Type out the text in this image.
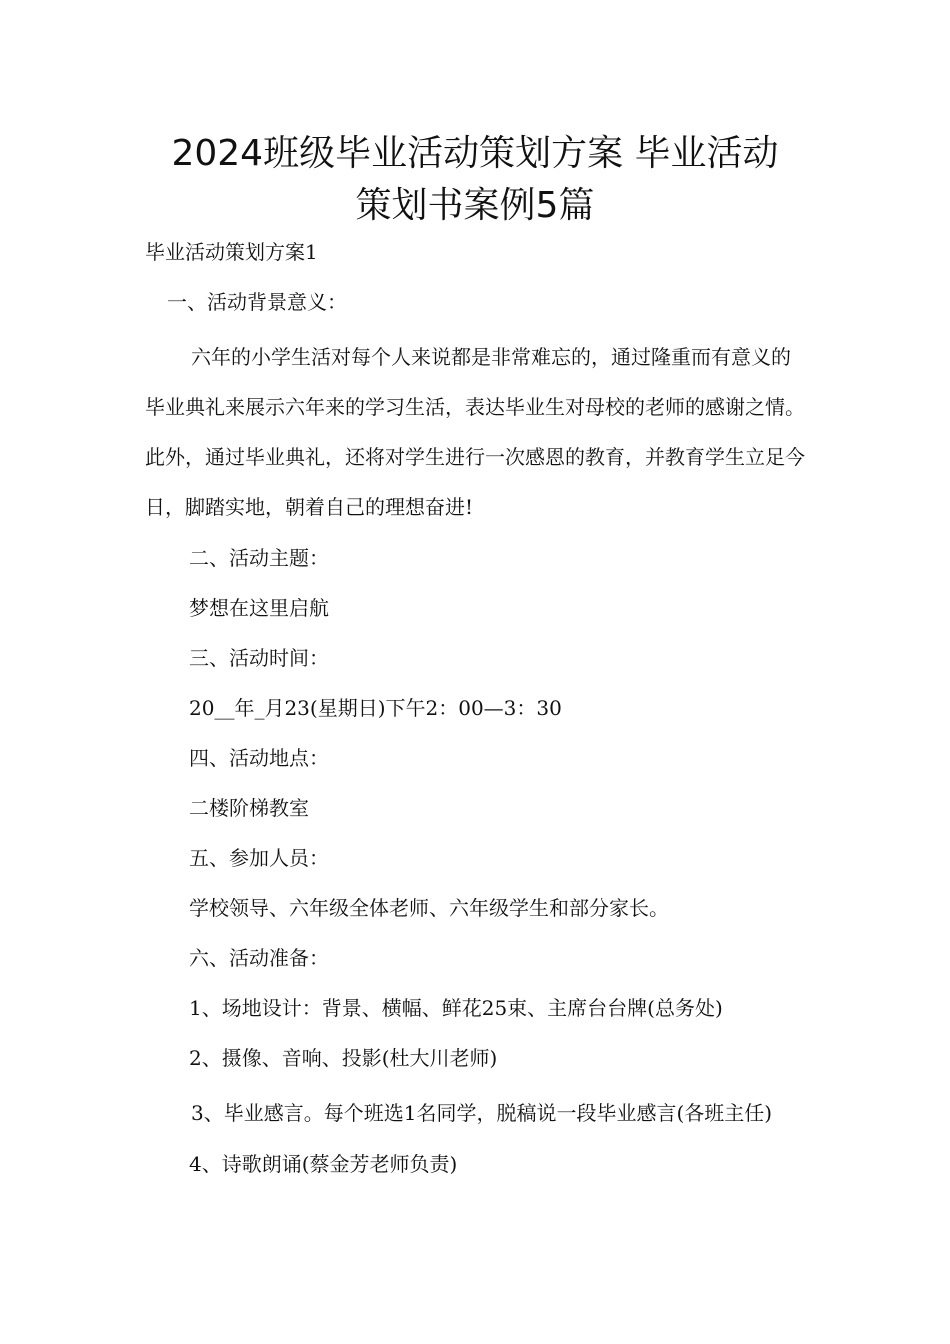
2024班级毕业活动策划方案 毕业活动
策划书案例5篇
毕业活动策划方案1
一、活动背景意义：
六年的小学生活对每个人来说都是非常难忘的，通过隆重而有意义的毕业典礼来展示六年来的学习生活，表达毕业生对母校的老师的感谢之情。此外，通过毕业典礼，还将对学生进行一次感恩的教育，并教育学生立足今日，脚踏实地，朝着自己的理想奋进!
二、活动主题：
梦想在这里启航
三、活动时间：
20__年_月23(星期日)下午2：00—3：30
四、活动地点：
二楼阶梯教室
五、参加人员：
学校领导、六年级全体老师、六年级学生和部分家长。
六、活动准备：
1、场地设计：背景、横幅、鲜花25束、主席台台牌(总务处)
2、摄像、音响、投影(杜大川老师)
3、毕业感言。每个班选1名同学，脱稿说一段毕业感言(各班主任)
4、诗歌朗诵(蔡金芳老师负责)
